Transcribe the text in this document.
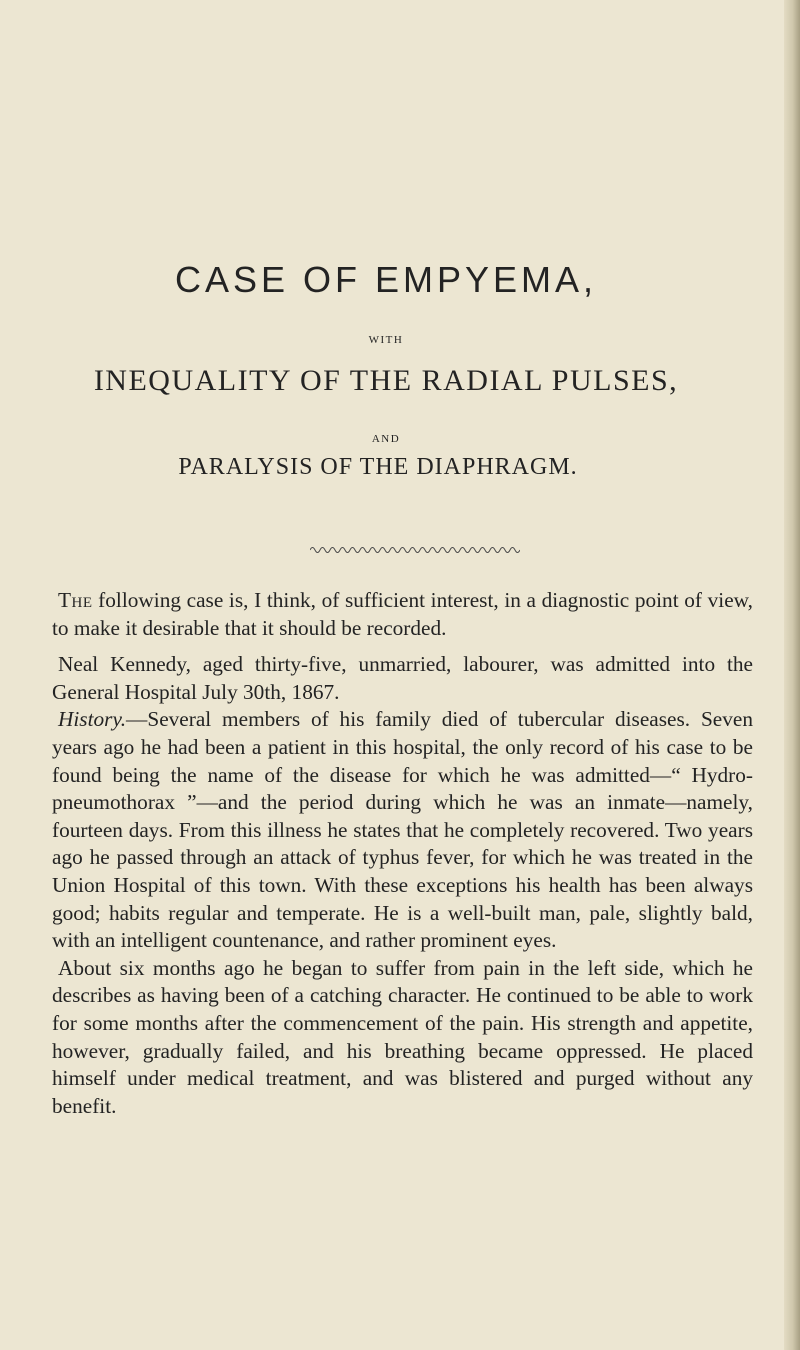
CASE OF EMPYEMA,
WITH
INEQUALITY OF THE RADIAL PULSES,
AND
PARALYSIS OF THE DIAPHRAGM.

The following case is, I think, of sufficient interest, in a diagnostic point of view, to make it desirable that it should be recorded.

Neal Kennedy, aged thirty-five, unmarried, labourer, was admitted into the General Hospital July 30th, 1867.

History.—Several members of his family died of tubercular diseases. Seven years ago he had been a patient in this hospital, the only record of his case to be found being the name of the disease for which he was admitted—“ Hydro-pneumothorax ”—and the period during which he was an inmate—namely, fourteen days. From this illness he states that he completely recovered. Two years ago he passed through an attack of typhus fever, for which he was treated in the Union Hospital of this town. With these exceptions his health has been always good; habits regular and temperate. He is a well-built man, pale, slightly bald, with an intelligent countenance, and rather prominent eyes.

About six months ago he began to suffer from pain in the left side, which he describes as having been of a catching character. He continued to be able to work for some months after the commencement of the pain. His strength and appetite, however, gradually failed, and his breathing became oppressed. He placed himself under medical treatment, and was blistered and purged without any benefit.
